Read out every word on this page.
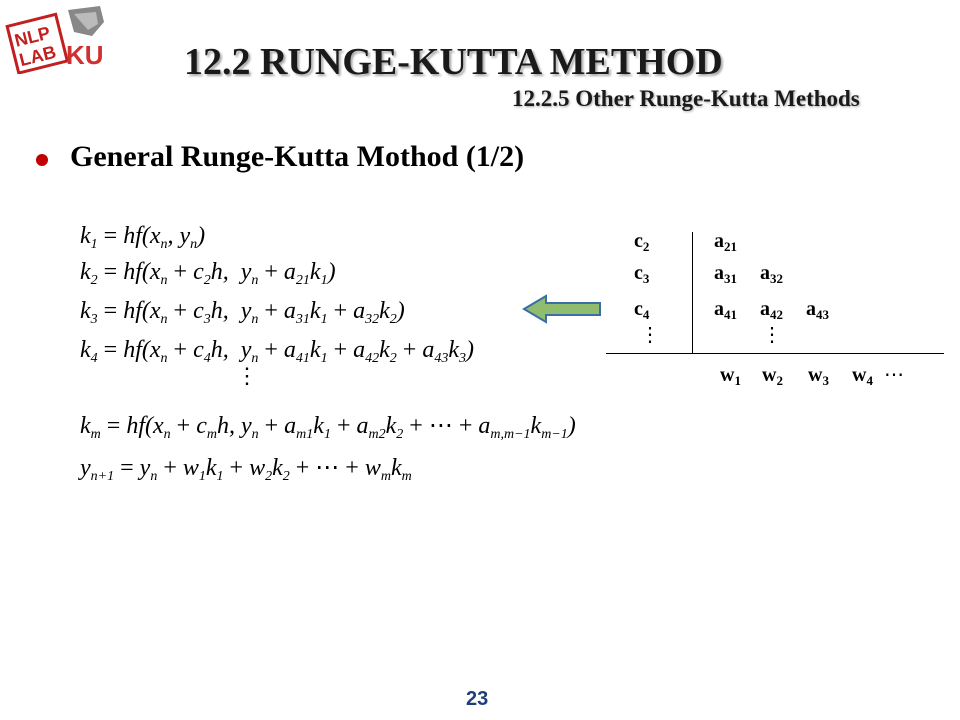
NLP
LAB KU 12.2 RUNGE-KUTTA METHOD
12.2.5 Other Runge-Kutta Methods
General Runge-Kutta Mothod (1/2)
$k_1 = hf(x_n$, $y_n$)
$k_2 = hf(x_n + c_2h$,  $y_n + a_{21}k_1$)
$k_3 = hf(x_n + c_3h$,  $y_n + a_{31}k_1 + a_{32}k_2$)
$k_4 = hf(x_n + c_4h$,  $y_n + a_{41}k_1 + a_{42}k_2 + a_{43}k_3$)
⋮
$k_m = hf(x_n + c_mh$, $y_n + a_{m1}k_1 + a_{m2}k_2$ + ⋯ + $a_{m,m-1}k_{m-1}$)
$y_{n+1} = y_n + w_1k_1 + w_2k_2$ + ⋯ + $w_mk_m$
$c_2$	$a_{21}$
$c_3$	$a_{31}$ $a_{32}$
$c_4$	$a_{41}$ $a_{42}$ $a_{43}$
⋮	⋮
$w_1$ $w_2$ $w_3$ $w_4$ ⋯
23
